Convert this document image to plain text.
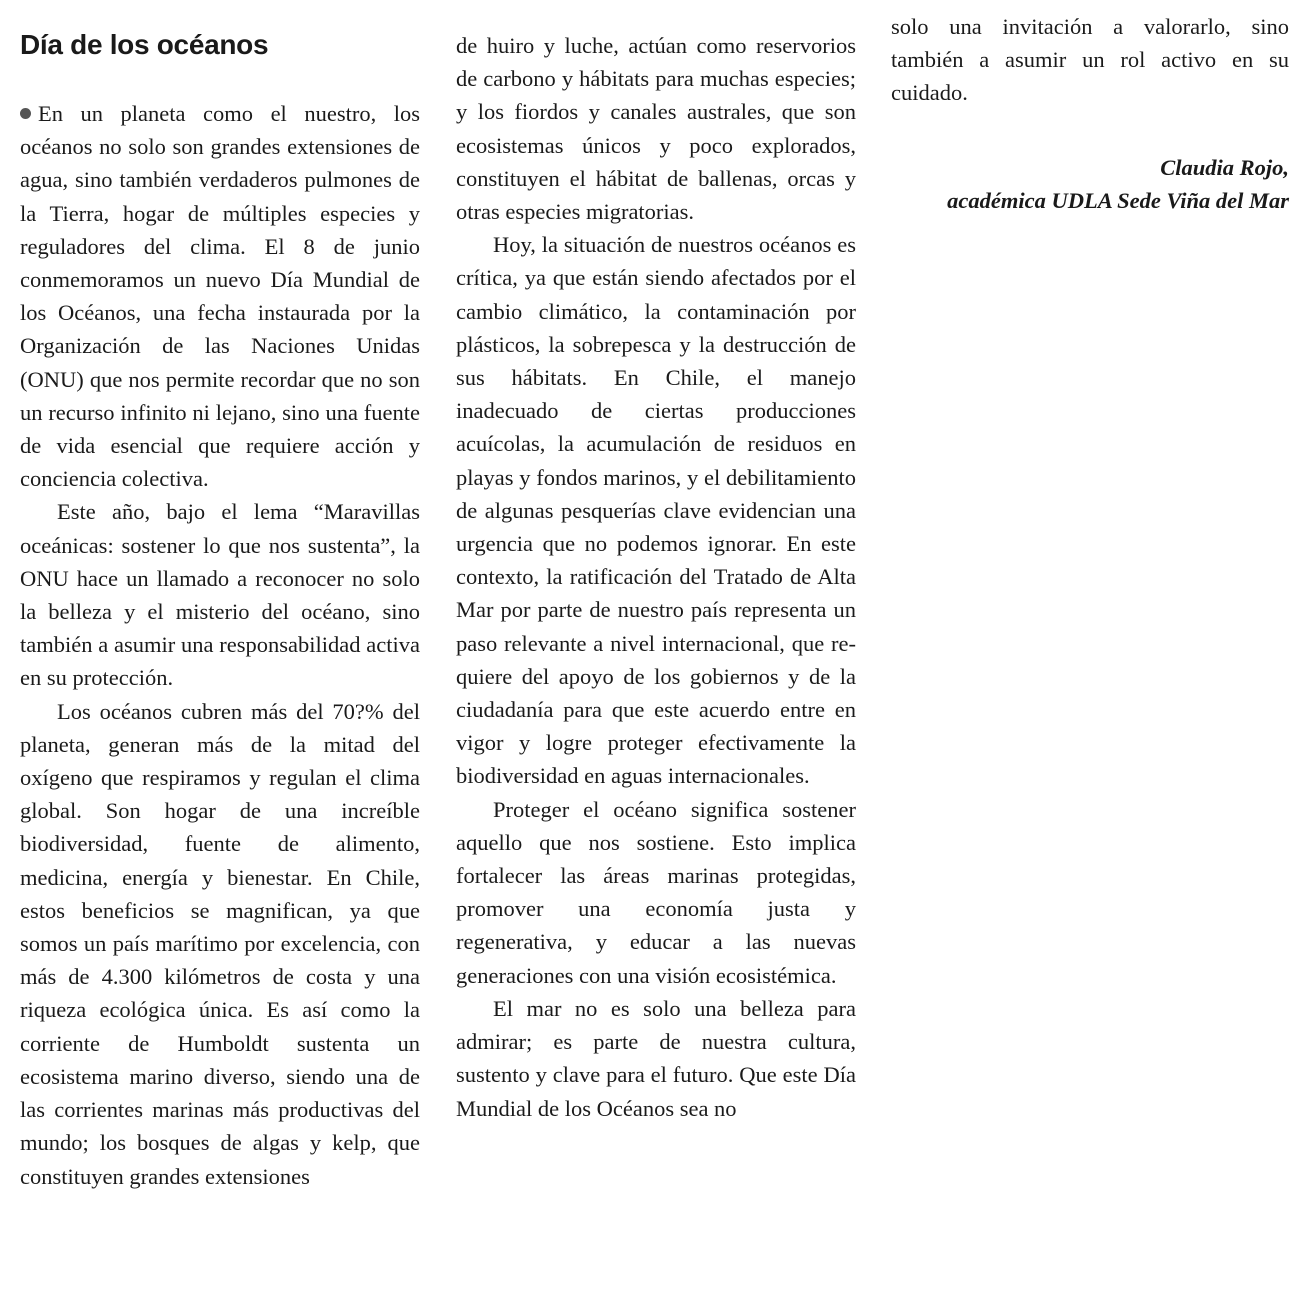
Día de los océanos

En un planeta como el nuestro, los océanos no solo son grandes extensiones de agua, sino también verdaderos pulmones de la Tierra, hogar de múltiples especies y reguladores del clima. El 8 de junio conmemoramos un nuevo Día Mundial de los Océanos, una fecha instaurada por la Organización de las Naciones Unidas (ONU) que nos permite recordar que no son un recurso infinito ni lejano, sino una fuente de vida esencial que requiere acción y conciencia colectiva.

Este año, bajo el lema “Maravillas oceánicas: sostener lo que nos sustenta”, la ONU hace un llamado a reconocer no solo la belleza y el misterio del océano, sino también a asumir una responsabilidad activa en su protección.

Los océanos cubren más del 70?% del planeta, generan más de la mitad del oxígeno que respiramos y regulan el clima global. Son hogar de una increíble biodiversidad, fuente de alimento, medicina, energía y bienestar. En Chile, estos beneficios se magnifican, ya que somos un país marítimo por excelencia, con más de 4.300 kilómetros de costa y una riqueza ecológica única. Es así como la corriente de Humboldt sustenta un ecosistema marino diverso, siendo una de las corrientes marinas más productivas del mundo; los bosques de algas y kelp, que constituyen grandes extensiones

de huiro y luche, actúan como reservorios de carbono y hábitats para muchas especies; y los fiordos y canales australes, que son ecosistemas únicos y poco explorados, constituyen el hábitat de ballenas, orcas y otras especies migratorias.

Hoy, la situación de nuestros océanos es crítica, ya que están siendo afectados por el cambio climático, la contaminación por plásticos, la sobrepesca y la destrucción de sus hábitats. En Chile, el manejo inadecuado de ciertas producciones acuícolas, la acumulación de residuos en playas y fondos marinos, y el debilitamiento de algunas pesquerías clave evidencian una urgencia que no podemos ignorar. En este contexto, la ratificación del Tratado de Alta Mar por parte de nuestro país representa un paso relevante a nivel internacional, que requiere del apoyo de los gobiernos y de la ciudadanía para que este acuerdo entre en vigor y logre proteger efectivamente la biodiversidad en aguas internacionales.

Proteger el océano significa sostener aquello que nos sostiene. Esto implica fortalecer las áreas marinas protegidas, promover una economía justa y regenerativa, y educar a las nuevas generaciones con una visión ecosistémica.

El mar no es solo una belleza para admirar; es parte de nuestra cultura, sustento y clave para el futuro. Que este Día Mundial de los Océanos sea no

solo una invitación a valorarlo, sino también a asumir un rol activo en su cuidado.

Claudia Rojo,
académica UDLA Sede Viña del Mar
